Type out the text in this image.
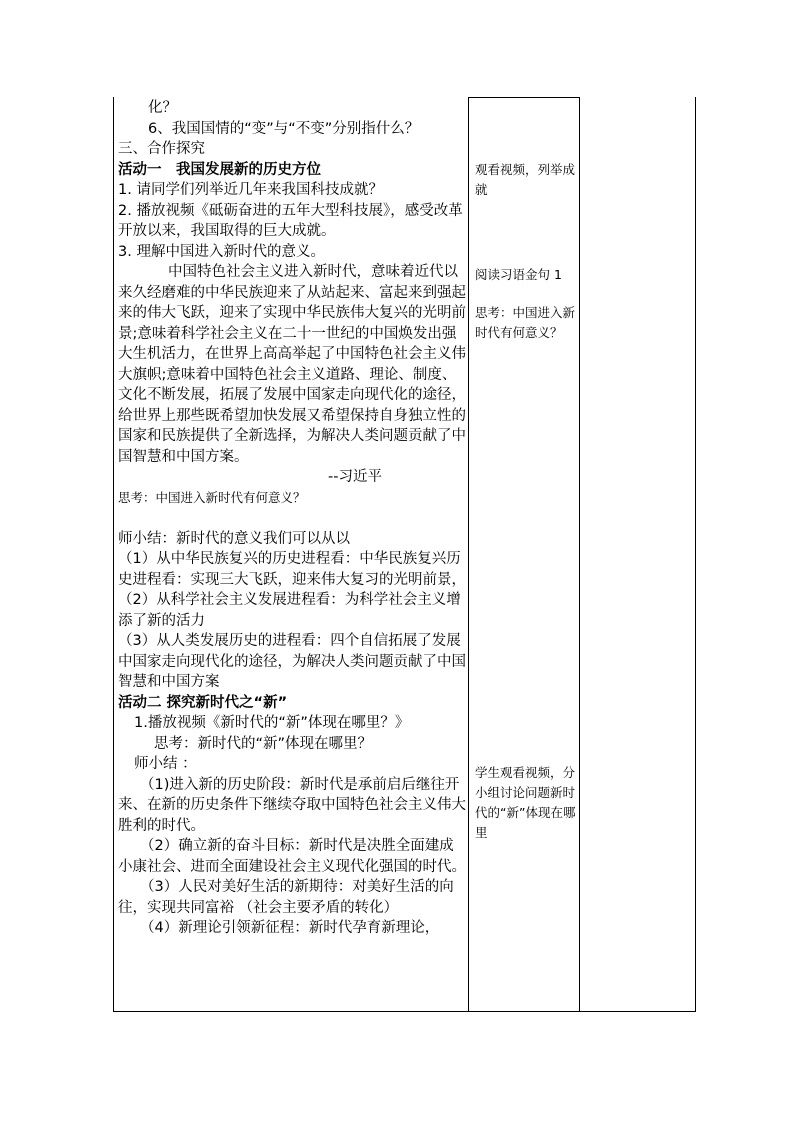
化？

6、我国国情的“变”与“不变”分别指什么？

三、合作探究

活动一　我国发展新的历史方位

1. 请同学们列举近几年来我国科技成就？

2. 播放视频《砥砺奋进的五年大型科技展》，感受改革开放以来，我国取得的巨大成就。

3. 理解中国进入新时代的意义。

中国特色社会主义进入新时代，意味着近代以来久经磨难的中华民族迎来了从站起来、富起来到强起来的伟大飞跃，迎来了实现中华民族伟大复兴的光明前景;意味着科学社会主义在二十一世纪的中国焕发出强大生机活力，在世界上高高举起了中国特色社会主义伟大旗帜;意味着中国特色社会主义道路、理论、制度、文化不断发展，拓展了发展中国家走向现代化的途径，给世界上那些既希望加快发展又希望保持自身独立性的国家和民族提供了全新选择，为解决人类问题贡献了中国智慧和中国方案。

--习近平

思考：中国进入新时代有何意义？

师小结：新时代的意义我们可以从以

（1）从中华民族复兴的历史进程看：中华民族复兴历史进程看：实现三大飞跃，迎来伟大复习的光明前景，

（2）从科学社会主义发展进程看：为科学社会主义增添了新的活力

（3）从人类发展历史的进程看：四个自信拓展了发展中国家走向现代化的途径，为解决人类问题贡献了中国智慧和中国方案

活动二 探究新时代之“新”

1.播放视频《新时代的“新”体现在哪里？》

思考：新时代的“新”体现在哪里？

师小结 ：

（1)进入新的历史阶段：新时代是承前启后继往开来、在新的历史条件下继续夺取中国特色社会主义伟大胜利的时代。

（2）确立新的奋斗目标：新时代是决胜全面建成小康社会、进而全面建设社会主义现代化强国的时代。

（3）人民对美好生活的新期待：对美好生活的向往，实现共同富裕 （社会主要矛盾的转化）

（4）新理论引领新征程：新时代孕育新理论，

观看视频，列举成就
阅读习语金句 1
思考：中国进入新时代有何意义？
学生观看视频，分小组讨论问题新时代的“新”体现在哪里
